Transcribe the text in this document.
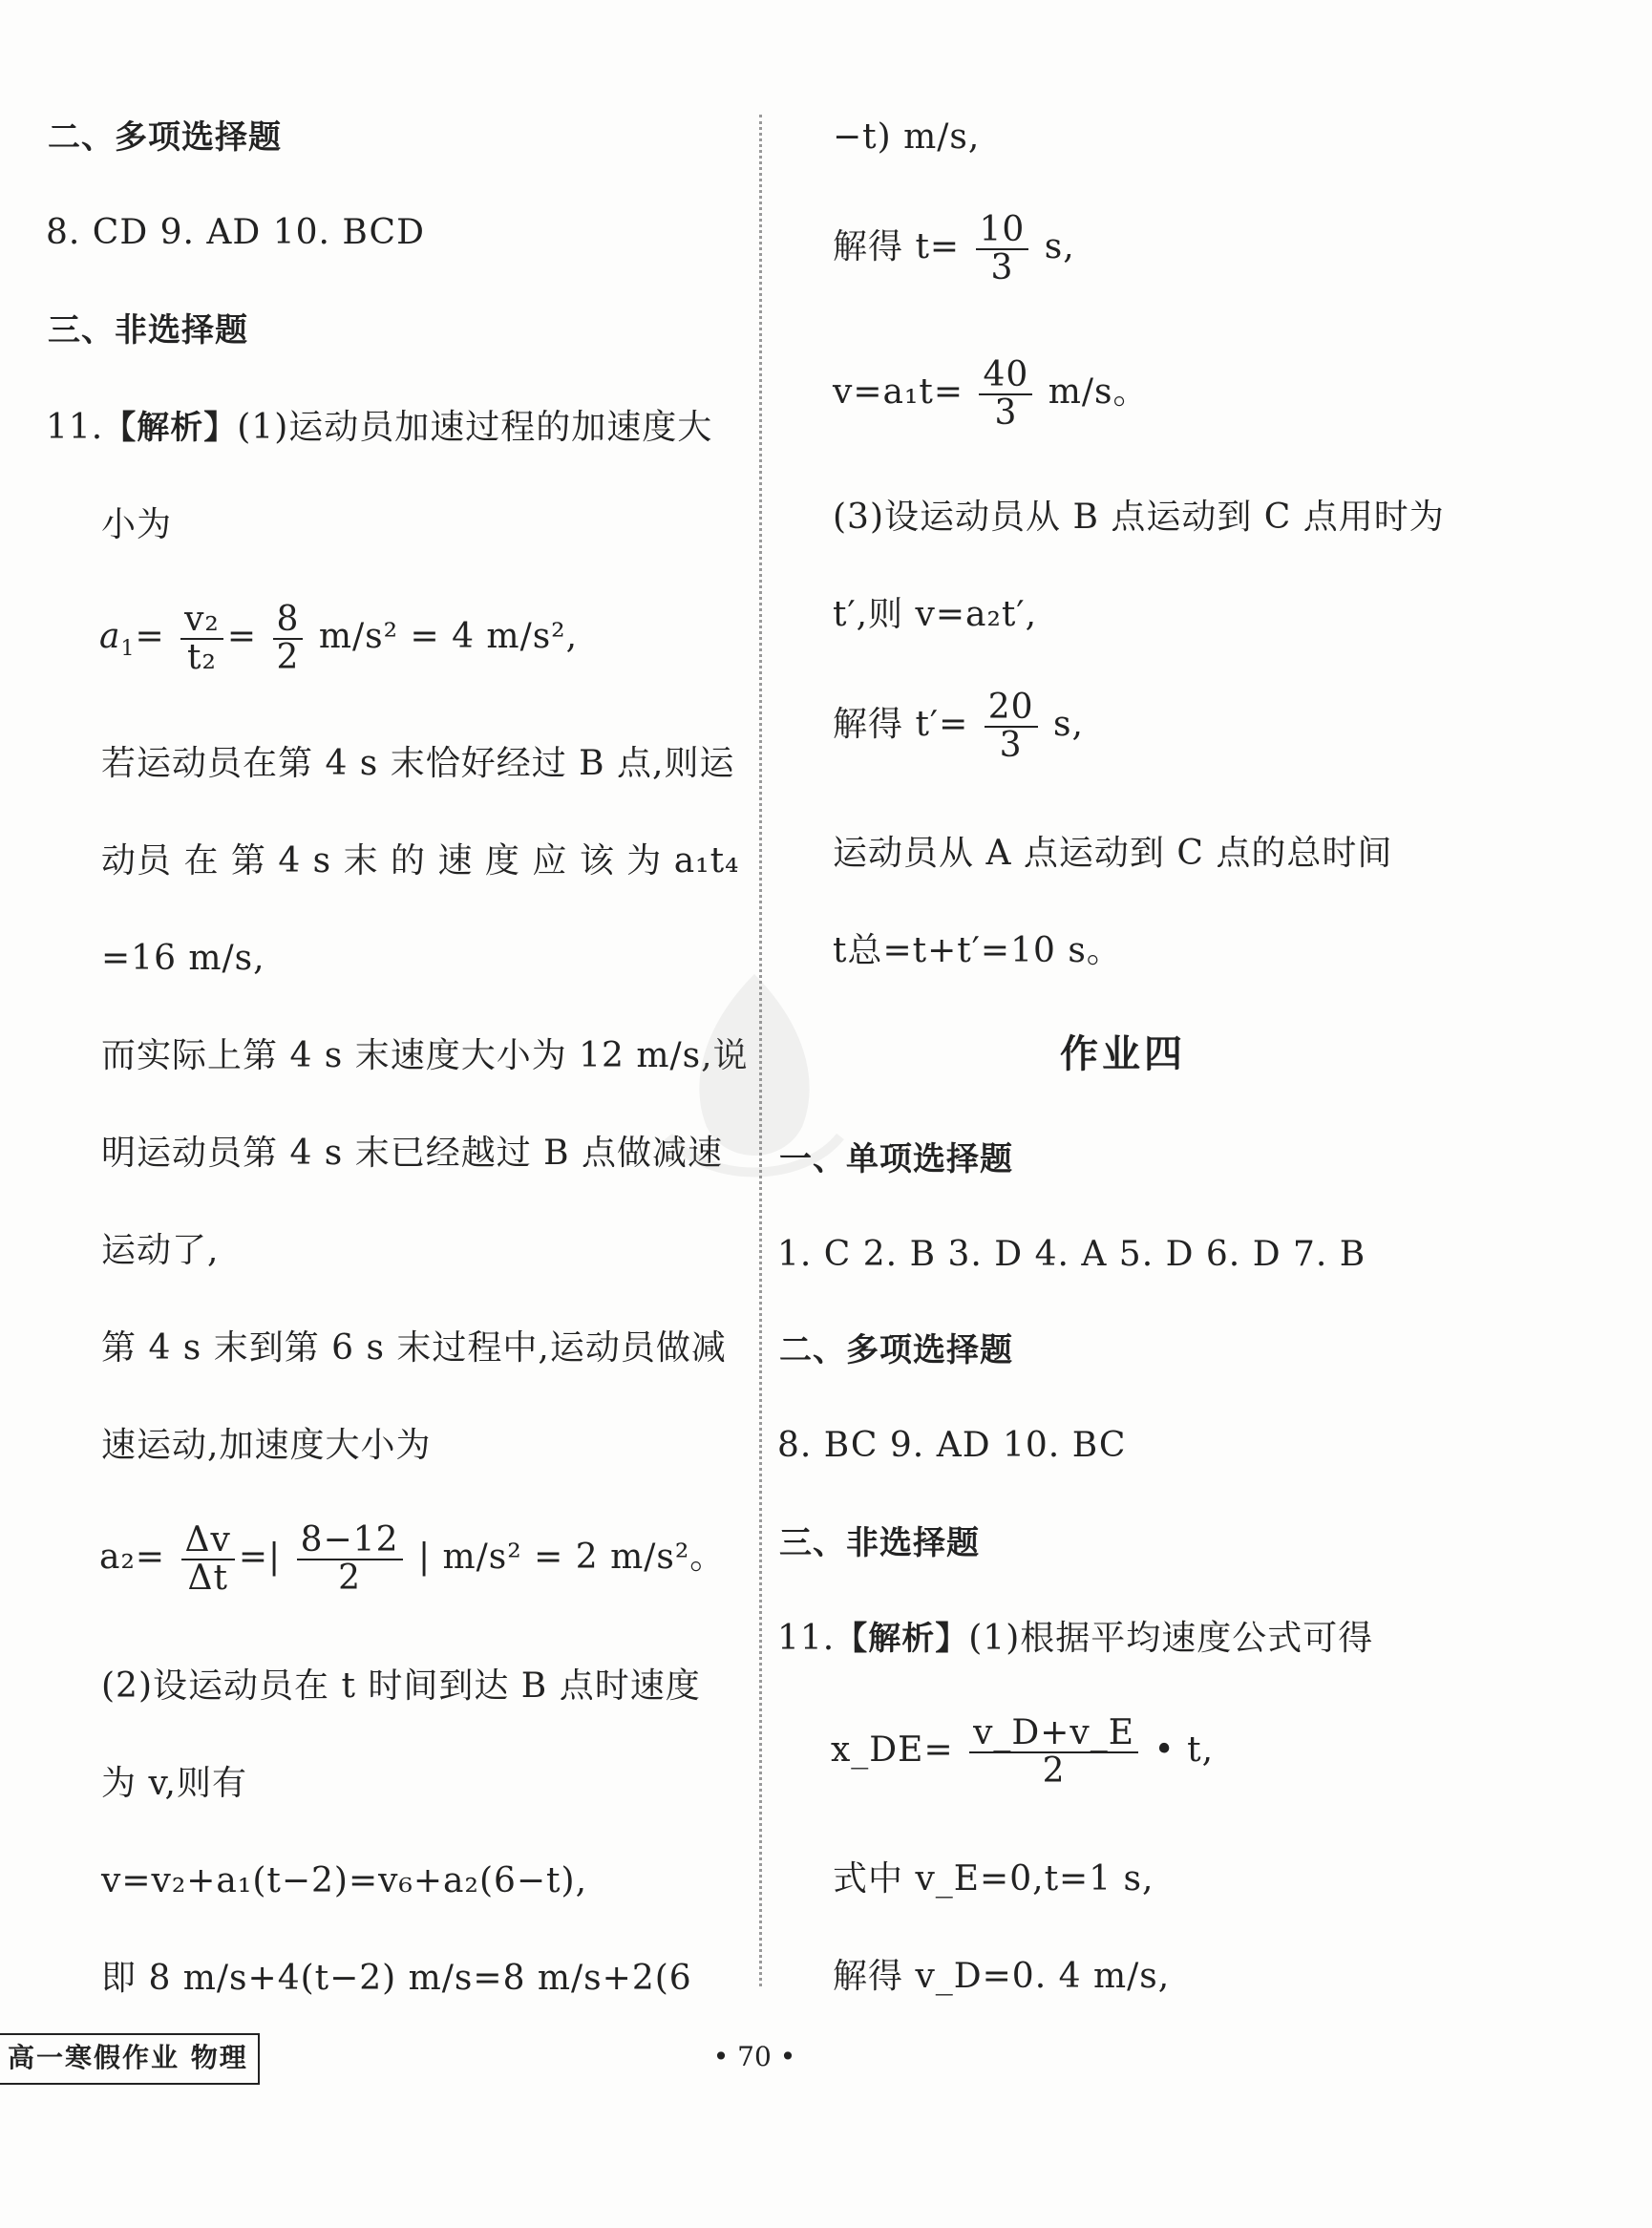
二、多项选择题
8. CD 9. AD 10. BCD
三、非选择题
11.【解析】(1)运动员加速过程的加速度大
小为
$a_1= \frac{\text{v₂}}{\text{t₂}} = \frac{8}{2} m/s^2 = 4$ m/s²,
若运动员在第 4 s 末恰好经过 B 点,则运
动员 在 第 4 s 末 的 速 度 应 该 为 a₁t₄
=16 m/s,
而实际上第 4 s 末速度大小为 12 m/s,说
明运动员第 4 s 末已经越过 B 点做减速
运动了,
第 4 s 末到第 6 s 末过程中,运动员做减
速运动,加速度大小为
$a_2= \frac{\Delta v}{\Delta t}$ =| $\frac{8-12}{2}$ | m/s² = 2 m/s²。
(2)设运动员在 t 时间到达 B 点时速度
为 v,则有
v=v₂+a₁(t−2)=v₆+a₂(6−t),
即 8 m/s+4(t−2) m/s=8 m/s+2(6
−t) m/s,
解得 $t= \frac{10}{3} s$,
$v=a_1t= \frac{40}{3} m/s$。
(3)设运动员从 B 点运动到 C 点用时为
t′,则 v=a₂t′,
解得 $t'= \frac{20}{3} s$,
运动员从 A 点运动到 C 点的总时间
t总=t+t′=10 s。
作业四
一、单项选择题
1. C 2. B 3. D 4. A 5. D 6. D 7. B
二、多项选择题
8. BC 9. AD 10. BC
三、非选择题
11.【解析】(1)根据平均速度公式可得
x_DE= $\frac{v\_D+v\_E}{2}$ • t,
式中 v_E=0,t=1 s,
解得 v_D=0. 4 m/s,
高一寒假作业 物理	• 70 •
